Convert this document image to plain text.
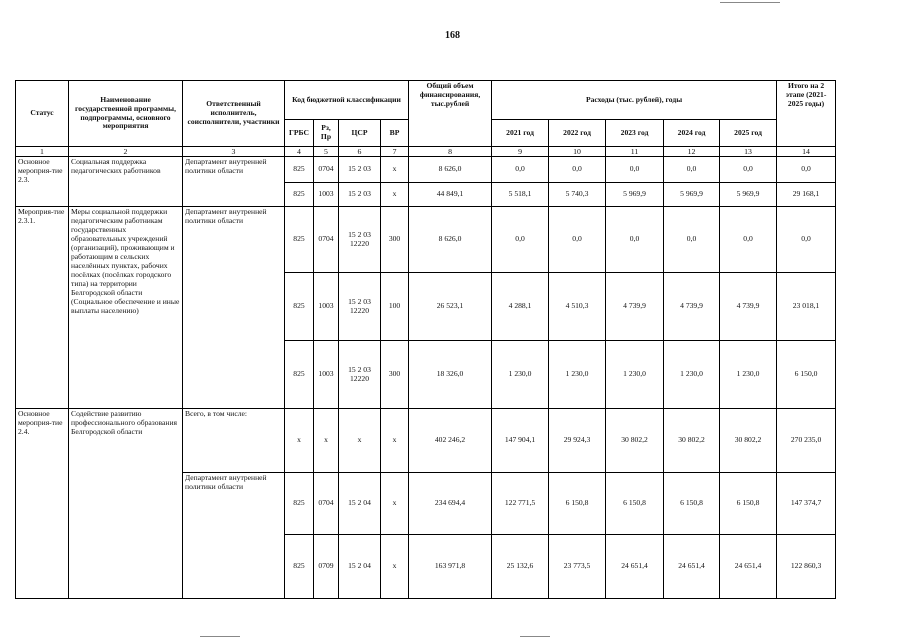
168
Статус	Наименование государственной программы, подпрограммы, основного мероприятия	Ответственный исполнитель, соисполнители, участники	Код бюджетной классификации				Общий объем финансирования, тыс.рублей	Расходы (тыс. рублей), годы					Итого на 2 этапе (2021-2025 годы)
			ГРБС	Рз, Пр	ЦСР	ВР		2021 год	2022 год	2023 год	2024 год	2025 год	
1	2	3	4	5	6	7	8	9	10	11	12	13	14
Основное мероприя-тие 2.3.	Социальная поддержка педагогических работников	Департамент внутренней политики области	825	0704	15 2 03	х	8 626,0	0,0	0,0	0,0	0,0	0,0	0,0
			825	1003	15 2 03	х	44 849,1	5 518,1	5 740,3	5 969,9	5 969,9	5 969,9	29 168,1
Мероприя-тие 2.3.1.	Меры социальной поддержки педагогическим работникам государственных образовательных учреждений (организаций), проживающим и работающим в сельских населённых пунктах, рабочих посёлках (посёлках городского типа) на территории Белгородской области (Социальное обеспечение и иные выплаты населению)	Департамент внутренней политики области	825	0704	15 2 03 12220	300	8 626,0	0,0	0,0	0,0	0,0	0,0	0,0
			825	1003	15 2 03 12220	100	26 523,1	4 288,1	4 510,3	4 739,9	4 739,9	4 739,9	23 018,1
			825	1003	15 2 03 12220	300	18 326,0	1 230,0	1 230,0	1 230,0	1 230,0	1 230,0	6 150,0
Основное мероприя-тие 2.4.	Содействие развитию профессионального образования Белгородской области	Всего, в том числе:	х	х	х	х	402 246,2	147 904,1	29 924,3	30 802,2	30 802,2	30 802,2	270 235,0
		Департамент внутренней политики области	825	0704	15 2 04	х	234 694,4	122 771,5	6 150,8	6 150,8	6 150,8	6 150,8	147 374,7
			825	0709	15 2 04	х	163 971,8	25 132,6	23 773,5	24 651,4	24 651,4	24 651,4	122 860,3
